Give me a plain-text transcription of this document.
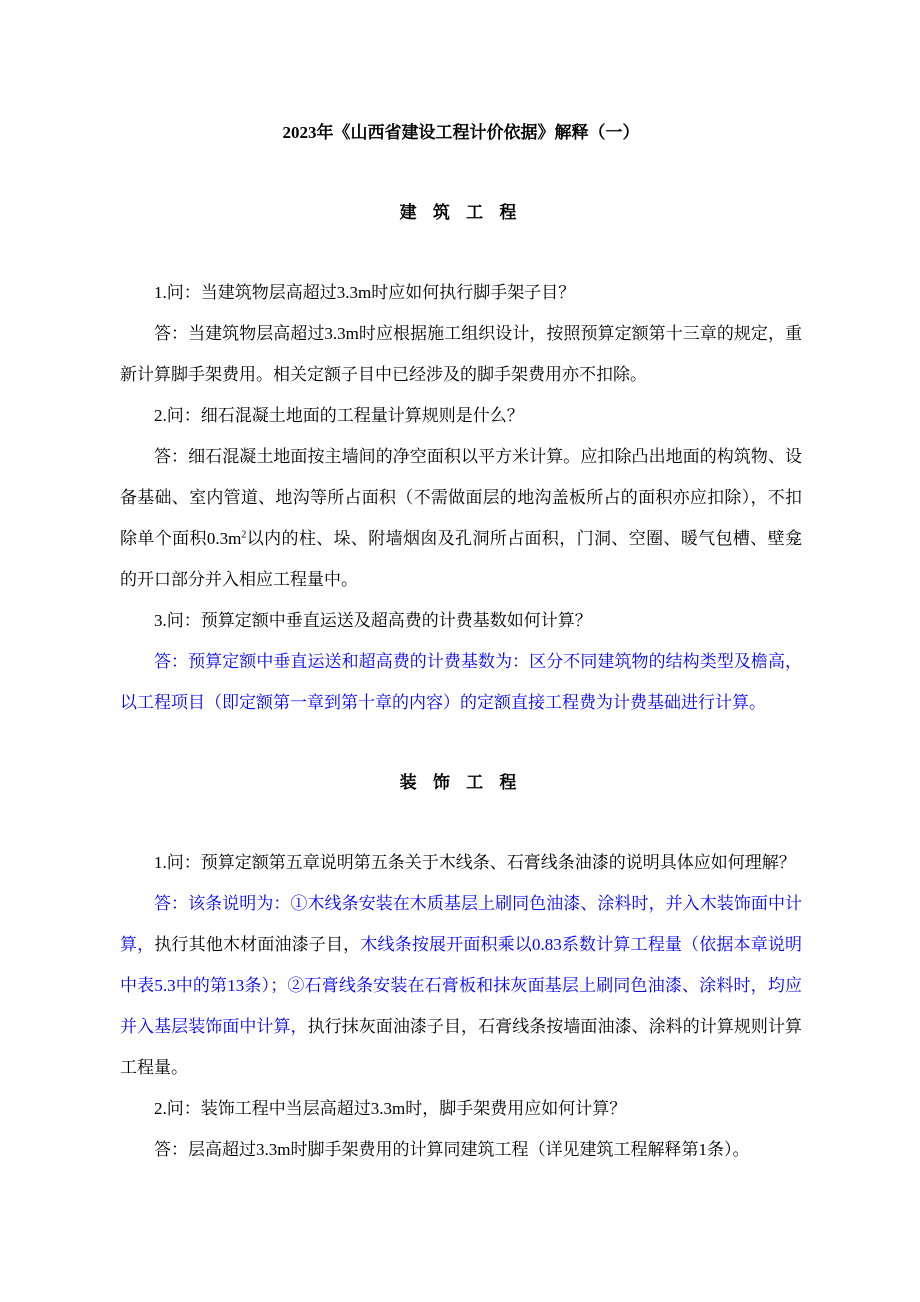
2023年《山西省建设工程计价依据》解释（一）
建 筑 工 程

1.问：当建筑物层高超过3.3m时应如何执行脚手架子目？

答：当建筑物层高超过3.3m时应根据施工组织设计，按照预算定额第十三章的规定，重新计算脚手架费用。相关定额子目中已经涉及的脚手架费用亦不扣除。

2.问：细石混凝土地面的工程量计算规则是什么？

答：细石混凝土地面按主墙间的净空面积以平方米计算。应扣除凸出地面的构筑物、设备基础、室内管道、地沟等所占面积（不需做面层的地沟盖板所占的面积亦应扣除），不扣除单个面积$0.3m^2$以内的柱、垛、附墙烟囱及孔洞所占面积，门洞、空圈、暖气包槽、壁龛的开口部分并入相应工程量中。

3.问：预算定额中垂直运送及超高费的计费基数如何计算？

答：预算定额中垂直运送和超高费的计费基数为：区分不同建筑物的结构类型及檐高，以工程项目（即定额第一章到第十章的内容）的定额直接工程费为计费基础进行计算。

装 饰 工 程

1.问：预算定额第五章说明第五条关于木线条、石膏线条油漆的说明具体应如何理解？

答：该条说明为：①木线条安装在木质基层上刷同色油漆、涂料时，并入木装饰面中计算，执行其他木材面油漆子目，木线条按展开面积乘以0.83系数计算工程量（依据本章说明中表5.3中的第13条）；②石膏线条安装在石膏板和抹灰面基层上刷同色油漆、涂料时，均应并入基层装饰面中计算，执行抹灰面油漆子目，石膏线条按墙面油漆、涂料的计算规则计算工程量。

2.问：装饰工程中当层高超过3.3m时，脚手架费用应如何计算？

答：层高超过3.3m时脚手架费用的计算同建筑工程（详见建筑工程解释第1条）。
